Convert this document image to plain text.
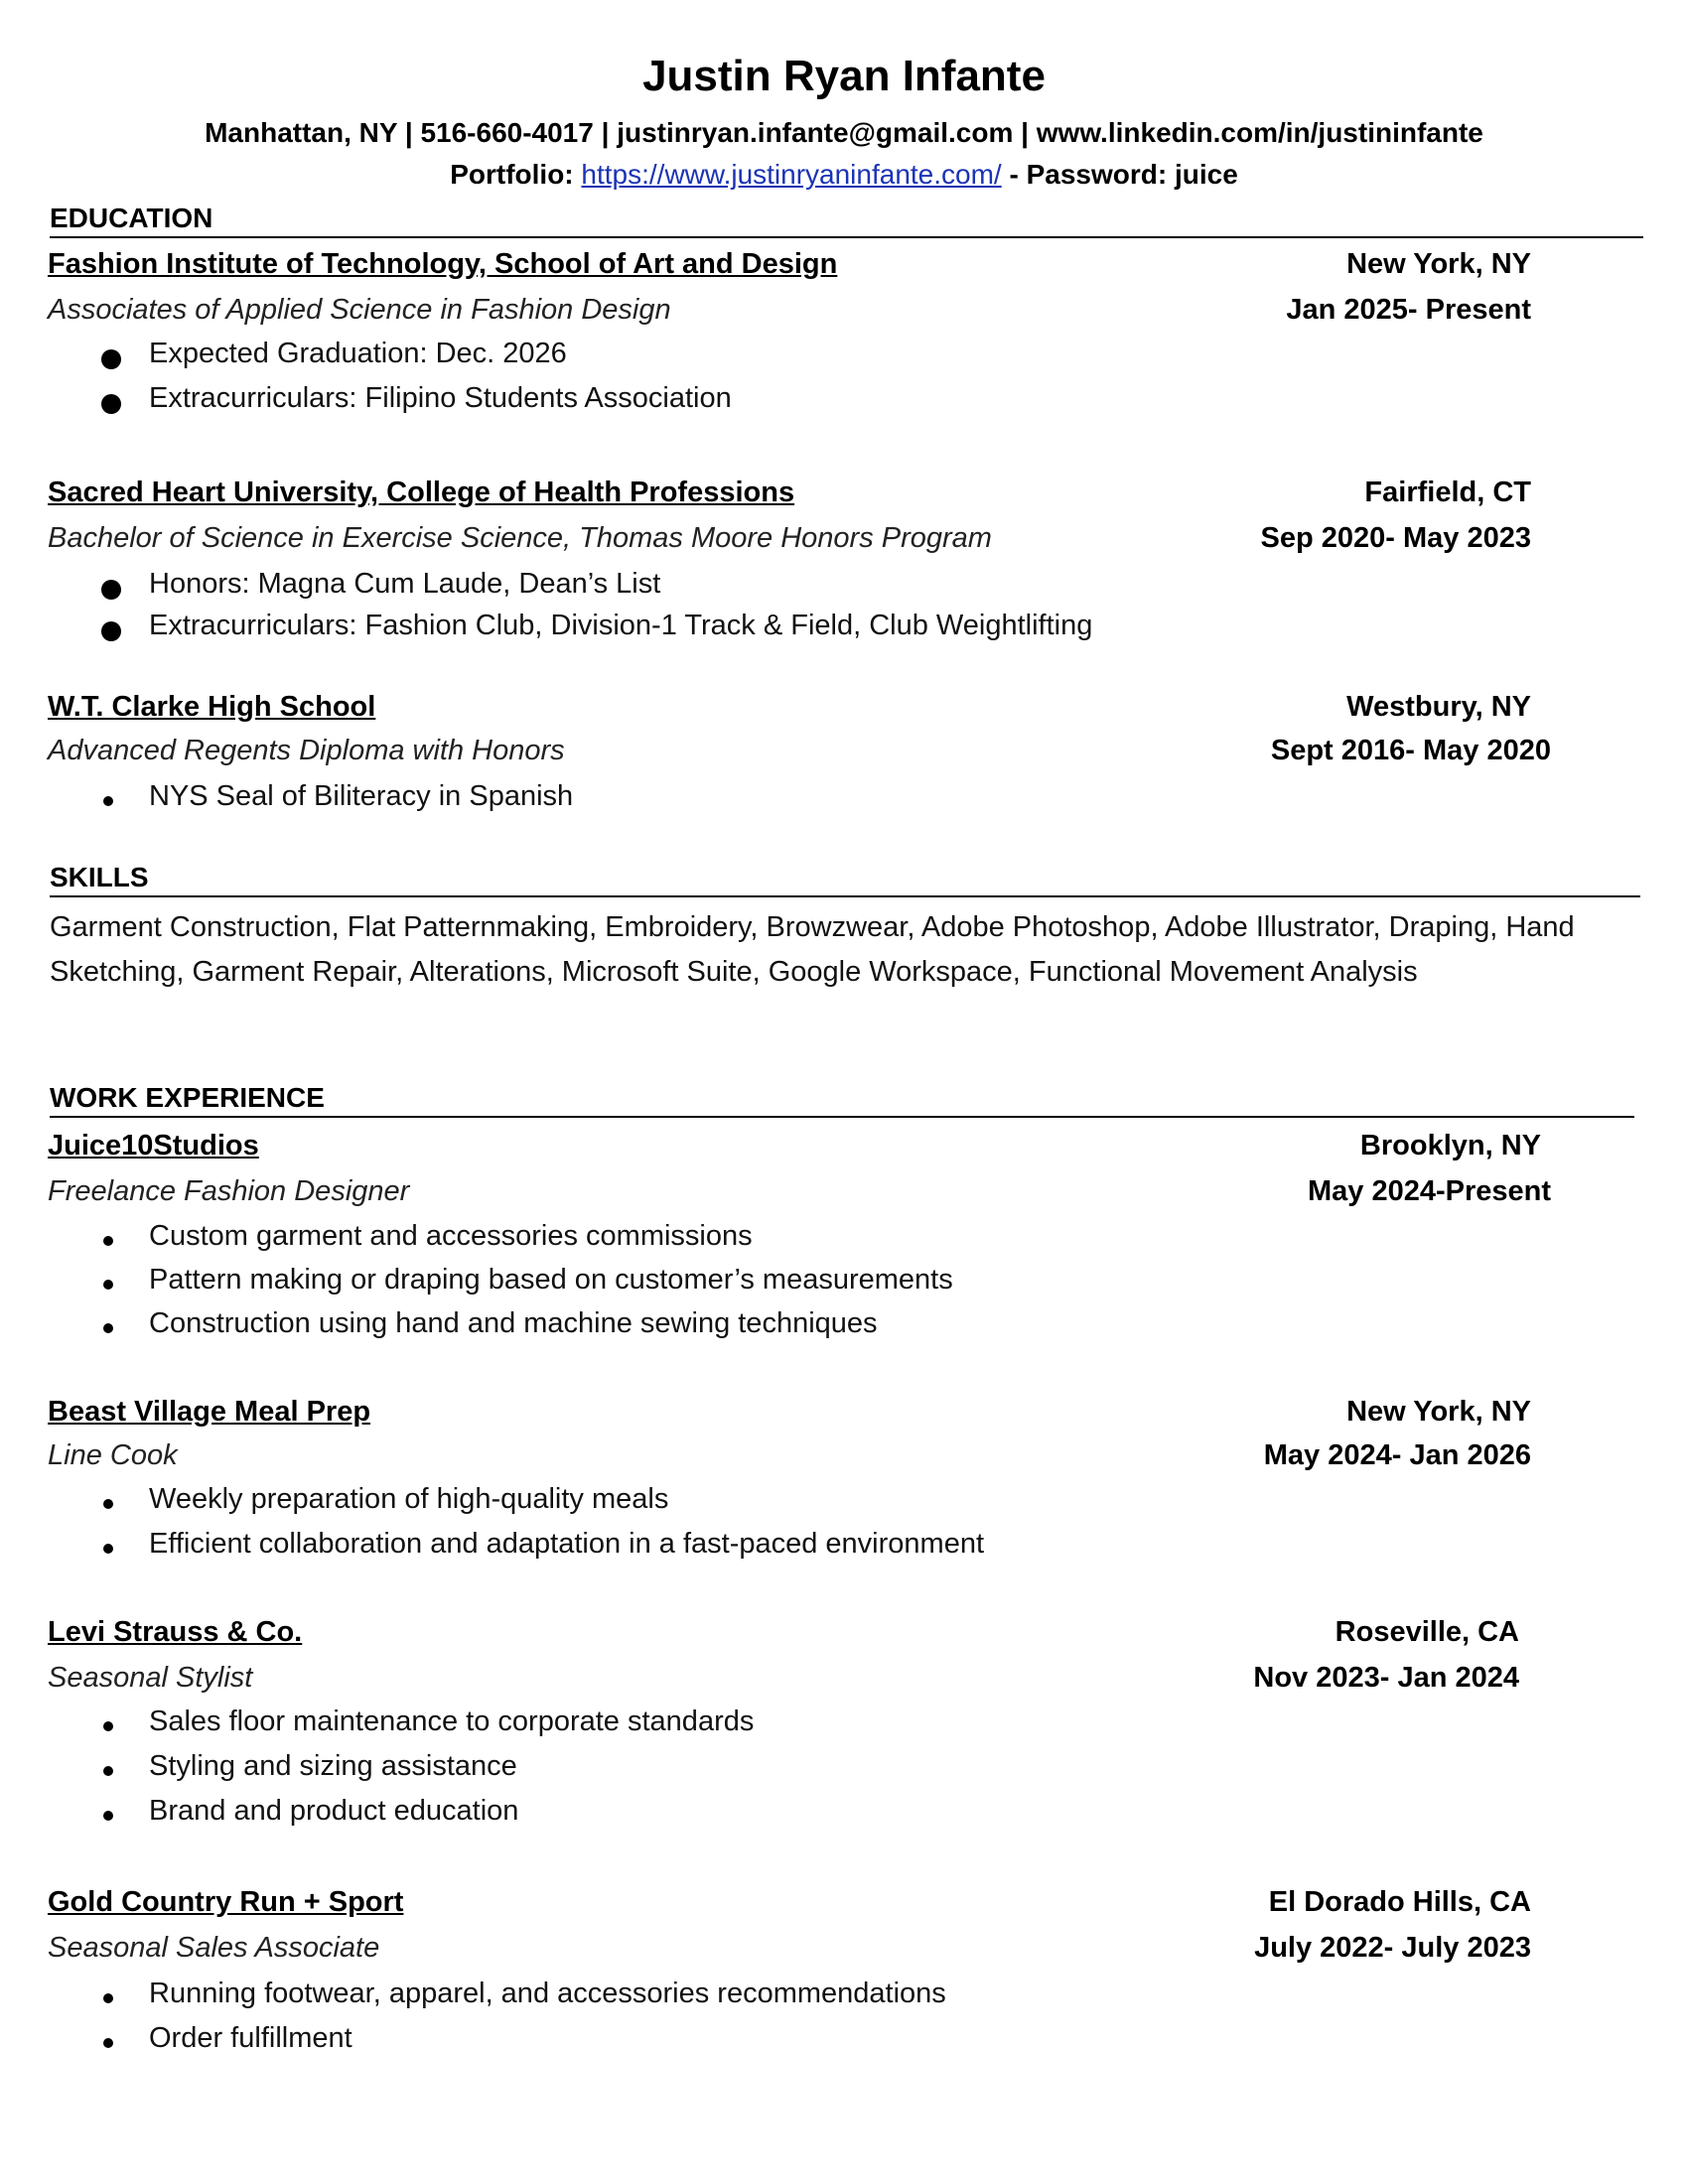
Justin Ryan Infante
Manhattan, NY | 516-660-4017 | justinryan.infante@gmail.com | www.linkedin.com/in/justininfante
Portfolio: https://www.justinryaninfante.com/ - Password: juice
EDUCATION
Fashion Institute of Technology, School of Art and Design	New York, NY
Associates of Applied Science in Fashion Design	Jan 2025- Present
Expected Graduation: Dec. 2026
Extracurriculars: Filipino Students Association
Sacred Heart University, College of Health Professions	Fairfield, CT
Bachelor of Science in Exercise Science, Thomas Moore Honors Program	Sep 2020- May 2023
Honors: Magna Cum Laude, Dean’s List
Extracurriculars: Fashion Club, Division-1 Track & Field, Club Weightlifting
W.T. Clarke High School	Westbury, NY
Advanced Regents Diploma with Honors	Sept 2016- May 2020
NYS Seal of Biliteracy in Spanish
SKILLS
Garment Construction, Flat Patternmaking, Embroidery, Browzwear, Adobe Photoshop, Adobe Illustrator, Draping, Hand Sketching, Garment Repair, Alterations, Microsoft Suite, Google Workspace, Functional Movement Analysis
WORK EXPERIENCE
Juice10Studios	Brooklyn, NY
Freelance Fashion Designer	May 2024-Present
Custom garment and accessories commissions
Pattern making or draping based on customer’s measurements
Construction using hand and machine sewing techniques
Beast Village Meal Prep	New York, NY
Line Cook	May 2024- Jan 2026
Weekly preparation of high-quality meals
Efficient collaboration and adaptation in a fast-paced environment
Levi Strauss & Co.	Roseville, CA
Seasonal Stylist	Nov 2023- Jan 2024
Sales floor maintenance to corporate standards
Styling and sizing assistance
Brand and product education
Gold Country Run + Sport	El Dorado Hills, CA
Seasonal Sales Associate	July 2022- July 2023
Running footwear, apparel, and accessories recommendations
Order fulfillment
